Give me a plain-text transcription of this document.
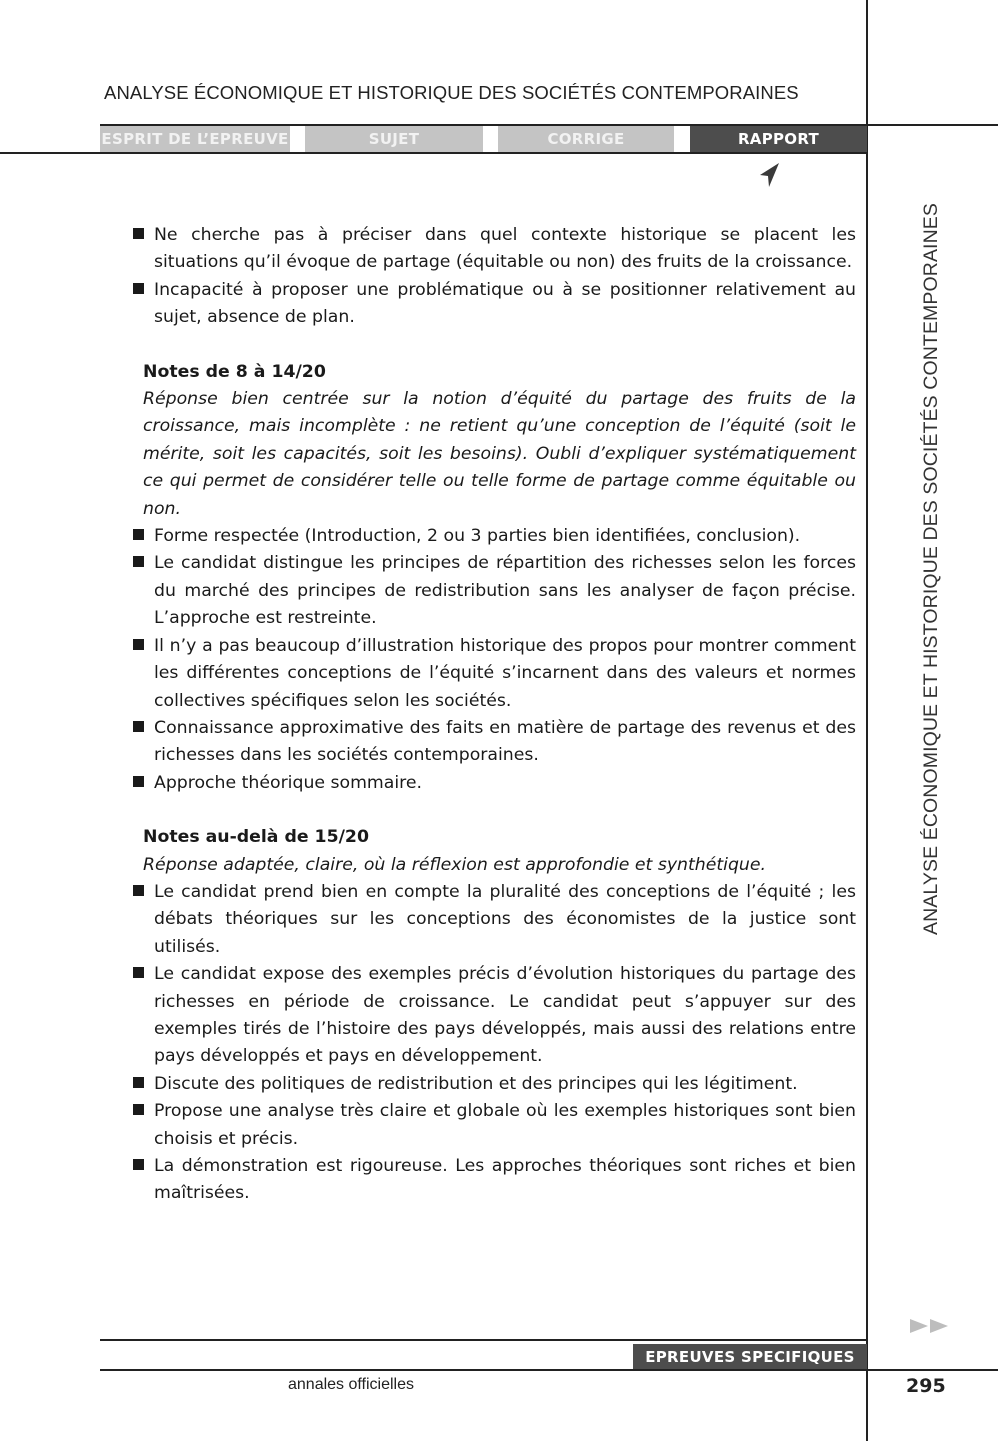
ANALYSE ÉCONOMIQUE ET HISTORIQUE DES SOCIÉTÉS CONTEMPORAINES
ESPRIT DE L’EPREUVE	SUJET	CORRIGE	RAPPORT

Ne cherche pas à préciser dans quel contexte historique se placent les situations qu’il évoque de partage (équitable ou non) des fruits de la croissance.

Incapacité à proposer une problématique ou à se positionner relativement au sujet, absence de plan.

Notes de 8 à 14/20

Réponse bien centrée sur la notion d’équité du partage des fruits de la croissance, mais incomplète : ne retient qu’une conception de l’équité (soit le mérite, soit les capacités, soit les besoins). Oubli d’expliquer systématiquement ce qui permet de considérer telle ou telle forme de partage comme équitable ou non.

Forme respectée (Introduction, 2 ou 3 parties bien identifiées, conclusion).

Le candidat distingue les principes de répartition des richesses selon les forces du marché des principes de redistribution sans les analyser de façon précise. L’approche est restreinte.

Il n’y a pas beaucoup d’illustration historique des propos pour montrer comment les différentes conceptions de l’équité s’incarnent dans des valeurs et normes collectives spécifiques selon les sociétés.

Connaissance approximative des faits en matière de partage des revenus et des richesses dans les sociétés contemporaines.

Approche théorique sommaire.

Notes au-delà de 15/20

Réponse adaptée, claire, où la réflexion est approfondie et synthétique.

Le candidat prend bien en compte la pluralité des conceptions de l’équité ; les débats théoriques sur les conceptions des économistes de la justice sont utilisés.

Le candidat expose des exemples précis d’évolution historiques du partage des richesses en période de croissance. Le candidat peut s’appuyer sur des exemples tirés de l’histoire des pays développés, mais aussi des relations entre pays développés et pays en développement.

Discute des politiques de redistribution et des principes qui les légitiment.

Propose une analyse très claire et globale où les exemples historiques sont bien choisis et précis.

La démonstration est rigoureuse. Les approches théoriques sont riches et bien maîtrisées.

ANALYSE ÉCONOMIQUE ET HISTORIQUE DES SOCIÉTÉS CONTEMPORAINES
EPREUVES SPECIFIQUES
annales officielles	295
